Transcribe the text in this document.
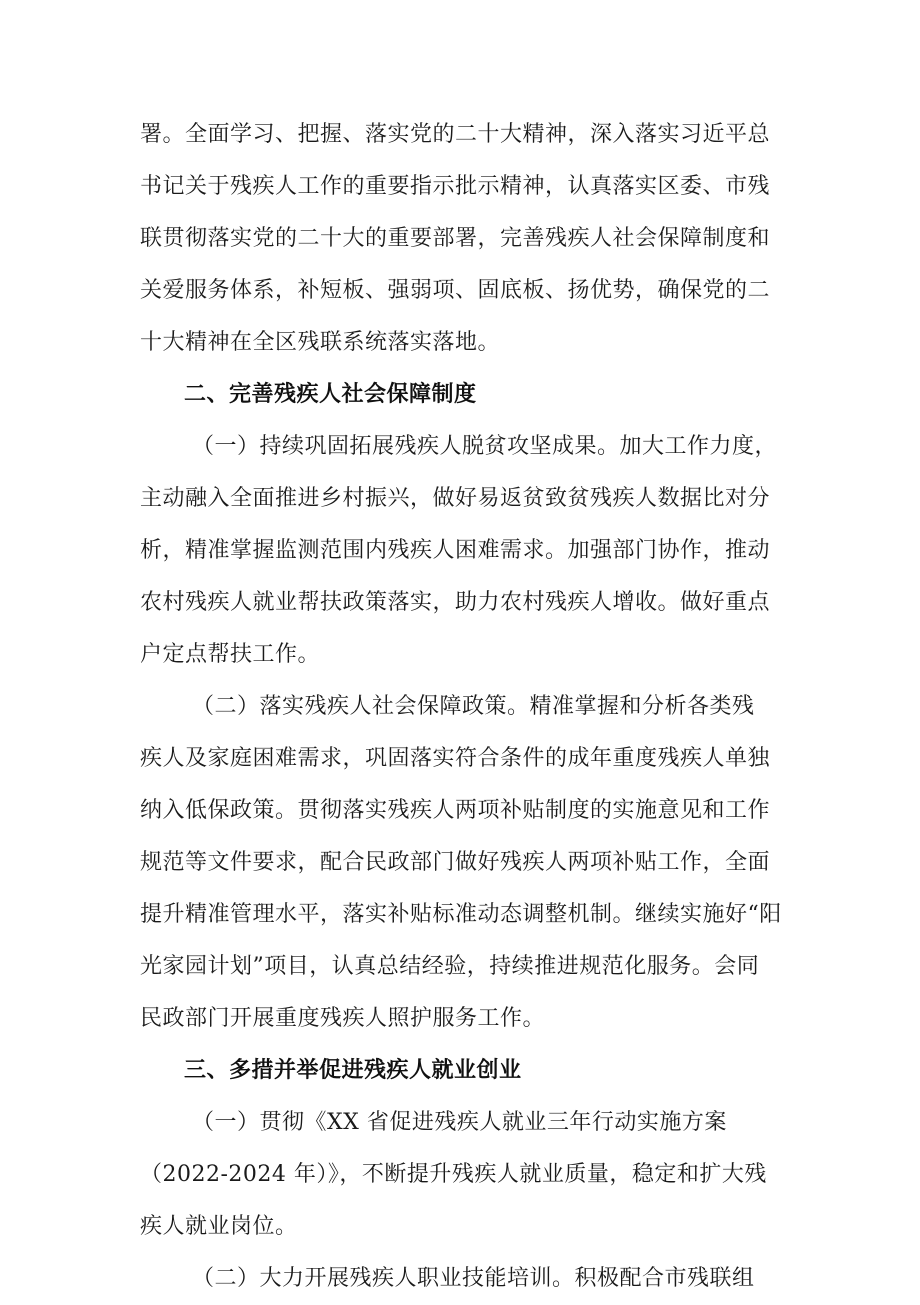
署。全面学习、把握、落实党的二十大精神，深入落实习近平总
书记关于残疾人工作的重要指示批示精神，认真落实区委、市残
联贯彻落实党的二十大的重要部署，完善残疾人社会保障制度和
关爱服务体系，补短板、强弱项、固底板、扬优势，确保党的二
十大精神在全区残联系统落实落地。
二、完善残疾人社会保障制度
（一）持续巩固拓展残疾人脱贫攻坚成果。加大工作力度，
主动融入全面推进乡村振兴，做好易返贫致贫残疾人数据比对分
析，精准掌握监测范围内残疾人困难需求。加强部门协作，推动
农村残疾人就业帮扶政策落实，助力农村残疾人增收。做好重点
户定点帮扶工作。
（二）落实残疾人社会保障政策。精准掌握和分析各类残
疾人及家庭困难需求，巩固落实符合条件的成年重度残疾人单独
纳入低保政策。贯彻落实残疾人两项补贴制度的实施意见和工作
规范等文件要求，配合民政部门做好残疾人两项补贴工作，全面
提升精准管理水平，落实补贴标准动态调整机制。继续实施好“阳
光家园计划”项目，认真总结经验，持续推进规范化服务。会同
民政部门开展重度残疾人照护服务工作。
三、多措并举促进残疾人就业创业
（一）贯彻《XX 省促进残疾人就业三年行动实施方案
（2022-2024 年）》，不断提升残疾人就业质量，稳定和扩大残
疾人就业岗位。
（二）大力开展残疾人职业技能培训。积极配合市残联组
